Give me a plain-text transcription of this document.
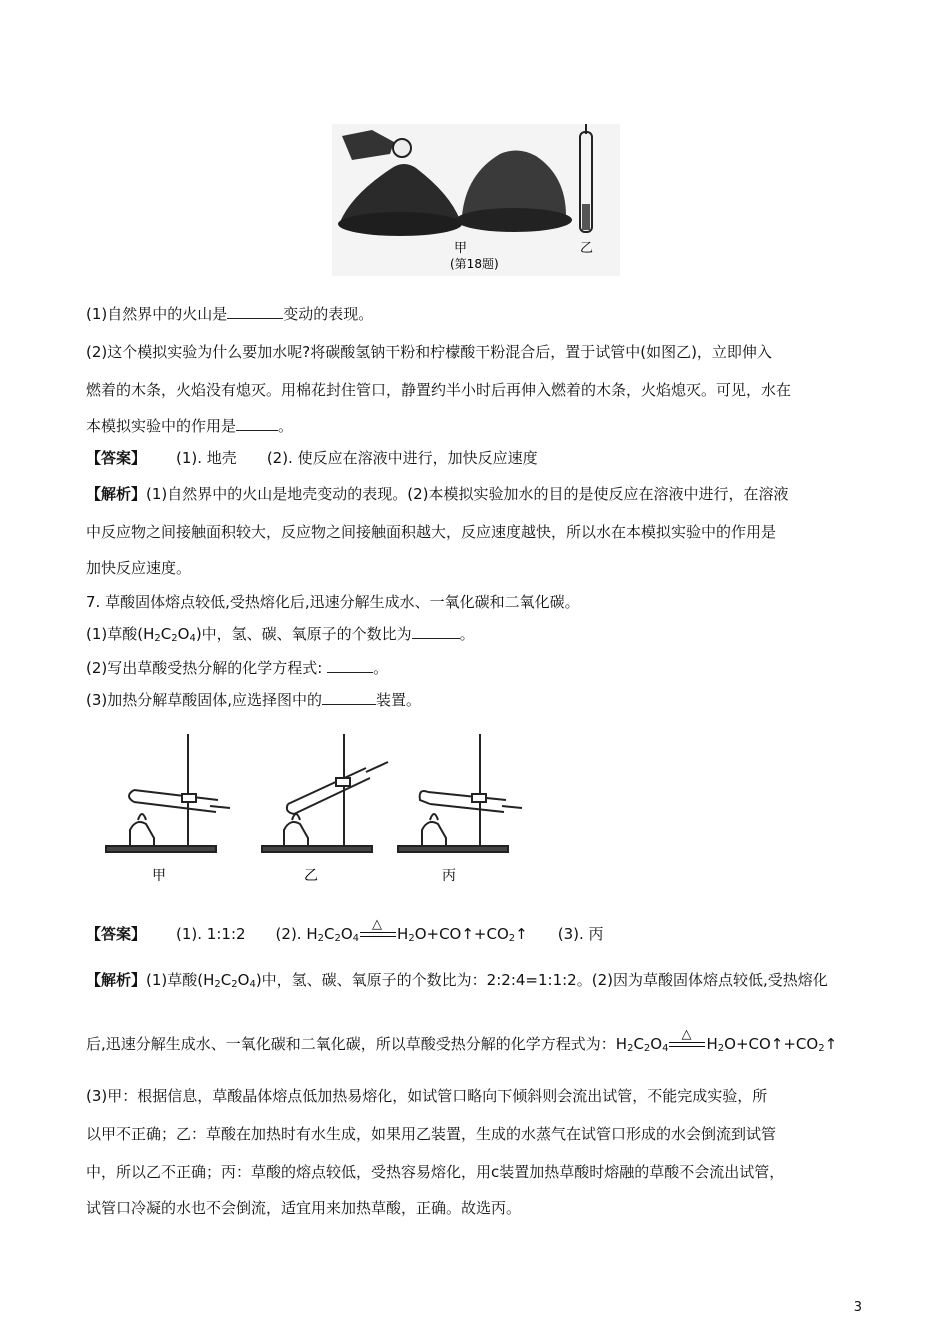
甲	乙
(第18题)
(1)自然界中的火山是	变动的表现。
(2)这个模拟实验为什么要加水呢?将碳酸氢钠干粉和柠檬酸干粉混合后，置于试管中(如图乙)，立即伸入
燃着的木条，火焰没有熄灭。用棉花封住管口，静置约半小时后再伸入燃着的木条，火焰熄灭。可见，水在
本模拟实验中的作用是	。
【答案】 (1). 地壳 (2). 使反应在溶液中进行，加快反应速度
【解析】(1)自然界中的火山是地壳变动的表现。(2)本模拟实验加水的目的是使反应在溶液中进行，在溶液
中反应物之间接触面积较大，反应物之间接触面积越大，反应速度越快，所以水在本模拟实验中的作用是
加快反应速度。
7. 草酸固体熔点较低,受热熔化后,迅速分解生成水、一氧化碳和二氧化碳。
(1)草酸(H2C2O4)中，氢、碳、氧原子的个数比为	。
(2)写出草酸受热分解的化学方程式:	。
(3)加热分解草酸固体,应选择图中的	装置。
甲	乙	丙
【答案】 (1). 1:1:2 (2). H2C2O4
△
H2O+CO↑+CO2↑ (3). 丙
【解析】(1)草酸(H2C2O4)中，氢、碳、氧原子的个数比为：2:2:4=1:1:2。(2)因为草酸固体熔点较低,受热熔化
后,迅速分解生成水、一氧化碳和二氧化碳，所以草酸受热分解的化学方程式为：H2C2O4
△
H2O+CO↑+CO2↑
(3)甲：根据信息，草酸晶体熔点低加热易熔化，如试管口略向下倾斜则会流出试管，不能完成实验，所
以甲不正确；乙：草酸在加热时有水生成，如果用乙装置，生成的水蒸气在试管口形成的水会倒流到试管
中，所以乙不正确；丙：草酸的熔点较低，受热容易熔化，用c装置加热草酸时熔融的草酸不会流出试管，
试管口冷凝的水也不会倒流，适宜用来加热草酸，正确。故选丙。
3
